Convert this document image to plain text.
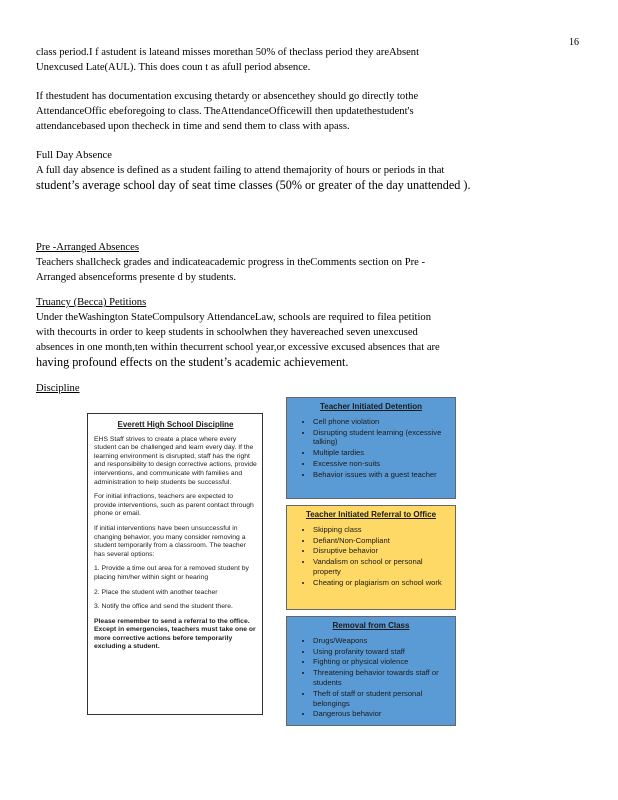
16
class period.I f astudent is lateand misses morethan 50% of theclass period they areAbsent
Unexcused Late(AUL). This does coun t as afull period absence.
If thestudent has documentation excusing thetardy or absencethey should go directly tothe
AttendanceOffic ebeforegoing to class. TheAttendanceOfficewill then updatethestudent's
attendancebased upon thecheck in time and send them to class with apass.
Full Day Absence
A full day absence is defined as a student failing to attend themajority of hours or periods in that
student’s average school day of seat time classes (50% or greater of the day unattended ).
Pre -Arranged Absences
Teachers shallcheck grades and indicateacademic progress in theComments section on Pre -
Arranged absenceforms presente d by students.
Truancy (Becca) Petitions
Under theWashington StateCompulsory AttendanceLaw, schools are required to filea petition
with thecourts in order to keep students in schoolwhen they havereached seven unexcused
absences in one month,ten within thecurrent school year,or excessive excused absences that are
having profound effects on the student’s academic achievement.
Discipline
Everett High School Discipline

EHS Staff strives to create a place where every student can be challenged and learn every day. If the learning environment is disrupted, staff has the right and responsibility to design corrective actions, provide interventions, and communicate with families and administration to help students be successful.

For initial infractions, teachers are expected to provide interventions, such as parent contact through phone or email.

If initial interventions have been unsuccessful in changing behavior, you many consider removing a student temporarily from a classroom. The teacher has several options:

1. Provide a time out area for a removed student by placing him/her within sight or hearing

2. Place the student with another teacher

3. Notify the office and send the student there.

Please remember to send a referral to the office. Except in emergencies, teachers must take one or more corrective actions before temporarily excluding a student.

Teacher Initiated Detention
• Cell phone violation
• Disrupting student learning (excessive talking)
• Multiple tardies
• Excessive non-suits
• Behavior issues with a guest teacher
Teacher Initiated Referral to Office
• Skipping class
• Defiant/Non-Compliant
• Disruptive behavior
• Vandalism on school or personal property
• Cheating or plagiarism on school work
Removal from Class
• Drugs/Weapons
• Using profanity toward staff
• Fighting or physical violence
• Threatening behavior towards staff or students
• Theft of staff or student personal belongings
• Dangerous behavior
